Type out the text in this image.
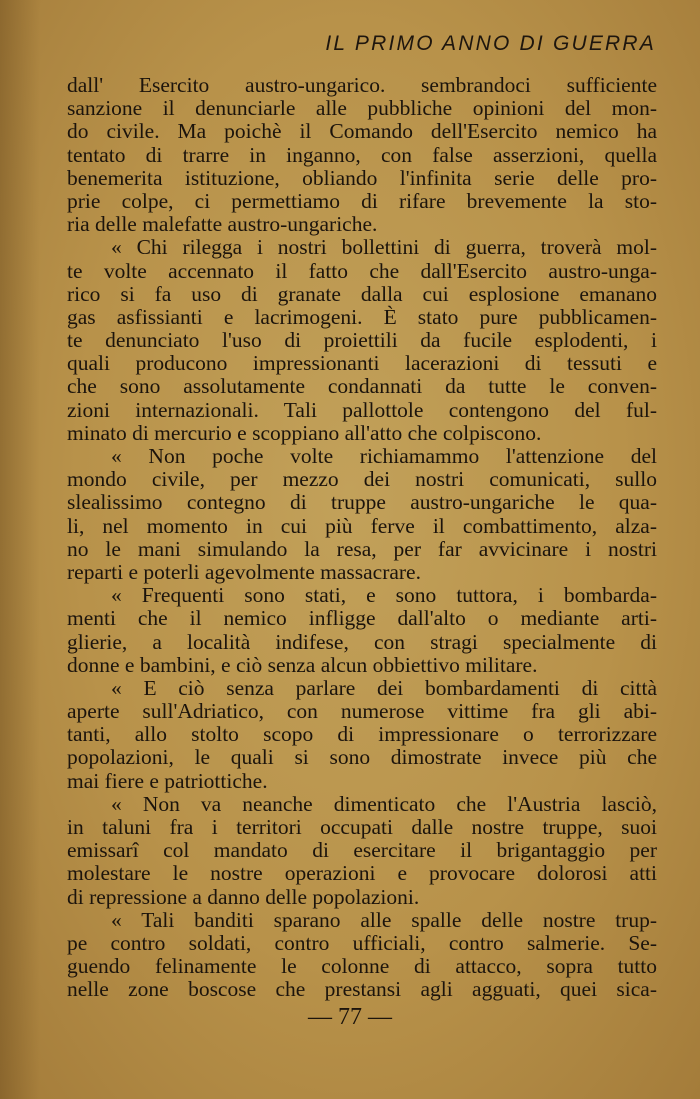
IL PRIMO ANNO DI GUERRA
dall' Esercito austro-ungarico. sembrandoci sufficiente
sanzione il denunciarle alle pubbliche opinioni del mon-
do civile. Ma poichè il Comando dell'Esercito nemico ha
tentato di trarre in inganno, con false asserzioni, quella
benemerita istituzione, obliando l'infinita serie delle pro-
prie colpe, ci permettiamo di rifare brevemente la sto-
ria delle malefatte austro-ungariche.
« Chi rilegga i nostri bollettini di guerra, troverà mol-
te volte accennato il fatto che dall'Esercito austro-unga-
rico si fa uso di granate dalla cui esplosione emanano
gas asfissianti e lacrimogeni. È stato pure pubblicamen-
te denunciato l'uso di proiettili da fucile esplodenti, i
quali producono impressionanti lacerazioni di tessuti e
che sono assolutamente condannati da tutte le conven-
zioni internazionali. Tali pallottole contengono del ful-
minato di mercurio e scoppiano all'atto che colpiscono.
« Non poche volte richiamammo l'attenzione del
mondo civile, per mezzo dei nostri comunicati, sullo
slealissimo contegno di truppe austro-ungariche le qua-
li, nel momento in cui più ferve il combattimento, alza-
no le mani simulando la resa, per far avvicinare i nostri
reparti e poterli agevolmente massacrare.
« Frequenti sono stati, e sono tuttora, i bombarda-
menti che il nemico infligge dall'alto o mediante arti-
glierie, a località indifese, con stragi specialmente di
donne e bambini, e ciò senza alcun obbiettivo militare.
« E ciò senza parlare dei bombardamenti di città
aperte sull'Adriatico, con numerose vittime fra gli abi-
tanti, allo stolto scopo di impressionare o terrorizzare
popolazioni, le quali si sono dimostrate invece più che
mai fiere e patriottiche.
« Non va neanche dimenticato che l'Austria lasciò,
in taluni fra i territori occupati dalle nostre truppe, suoi
emissarî col mandato di esercitare il brigantaggio per
molestare le nostre operazioni e provocare dolorosi atti
di repressione a danno delle popolazioni.
« Tali banditi sparano alle spalle delle nostre trup-
pe contro soldati, contro ufficiali, contro salmerie. Se-
guendo felinamente le colonne di attacco, sopra tutto
nelle zone boscose che prestansi agli agguati, quei sica-
— 77 —
